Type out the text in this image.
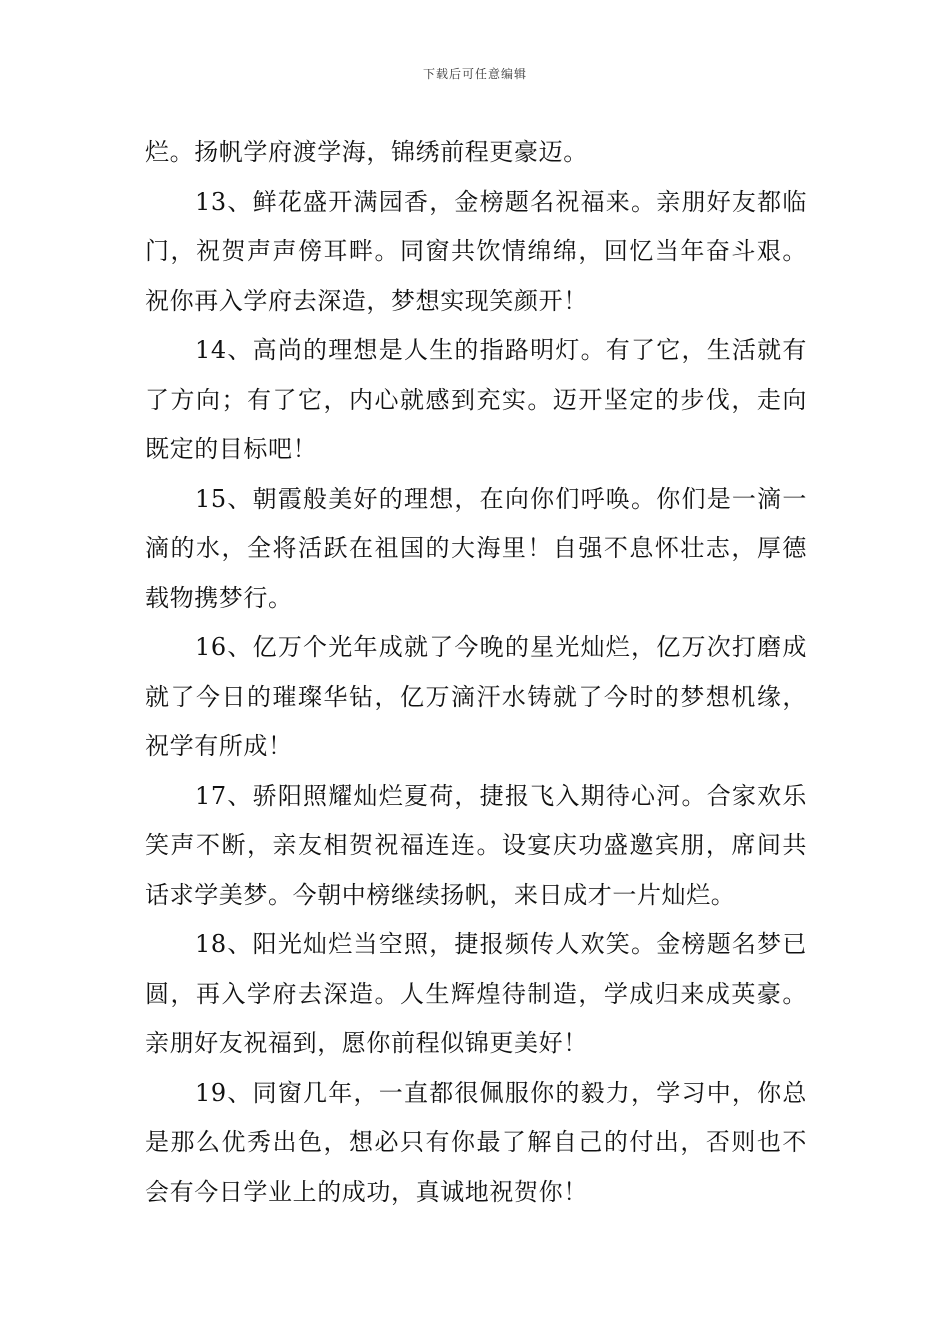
下载后可任意编辑

烂。扬帆学府渡学海，锦绣前程更豪迈。

13、鲜花盛开满园香，金榜题名祝福来。亲朋好友都临门，祝贺声声傍耳畔。同窗共饮情绵绵，回忆当年奋斗艰。祝你再入学府去深造，梦想实现笑颜开！

14、高尚的理想是人生的指路明灯。有了它，生活就有了方向；有了它，内心就感到充实。迈开坚定的步伐，走向既定的目标吧！

15、朝霞般美好的理想，在向你们呼唤。你们是一滴一滴的水，全将活跃在祖国的大海里！自强不息怀壮志，厚德载物携梦行。

16、亿万个光年成就了今晚的星光灿烂，亿万次打磨成就了今日的璀璨华钻，亿万滴汗水铸就了今时的梦想机缘，祝学有所成！

17、骄阳照耀灿烂夏荷，捷报飞入期待心河。合家欢乐笑声不断，亲友相贺祝福连连。设宴庆功盛邀宾朋，席间共话求学美梦。今朝中榜继续扬帆，来日成才一片灿烂。

18、阳光灿烂当空照，捷报频传人欢笑。金榜题名梦已圆，再入学府去深造。人生辉煌待制造，学成归来成英豪。亲朋好友祝福到，愿你前程似锦更美好！

19、同窗几年，一直都很佩服你的毅力，学习中，你总是那么优秀出色，想必只有你最了解自己的付出，否则也不会有今日学业上的成功，真诚地祝贺你！
